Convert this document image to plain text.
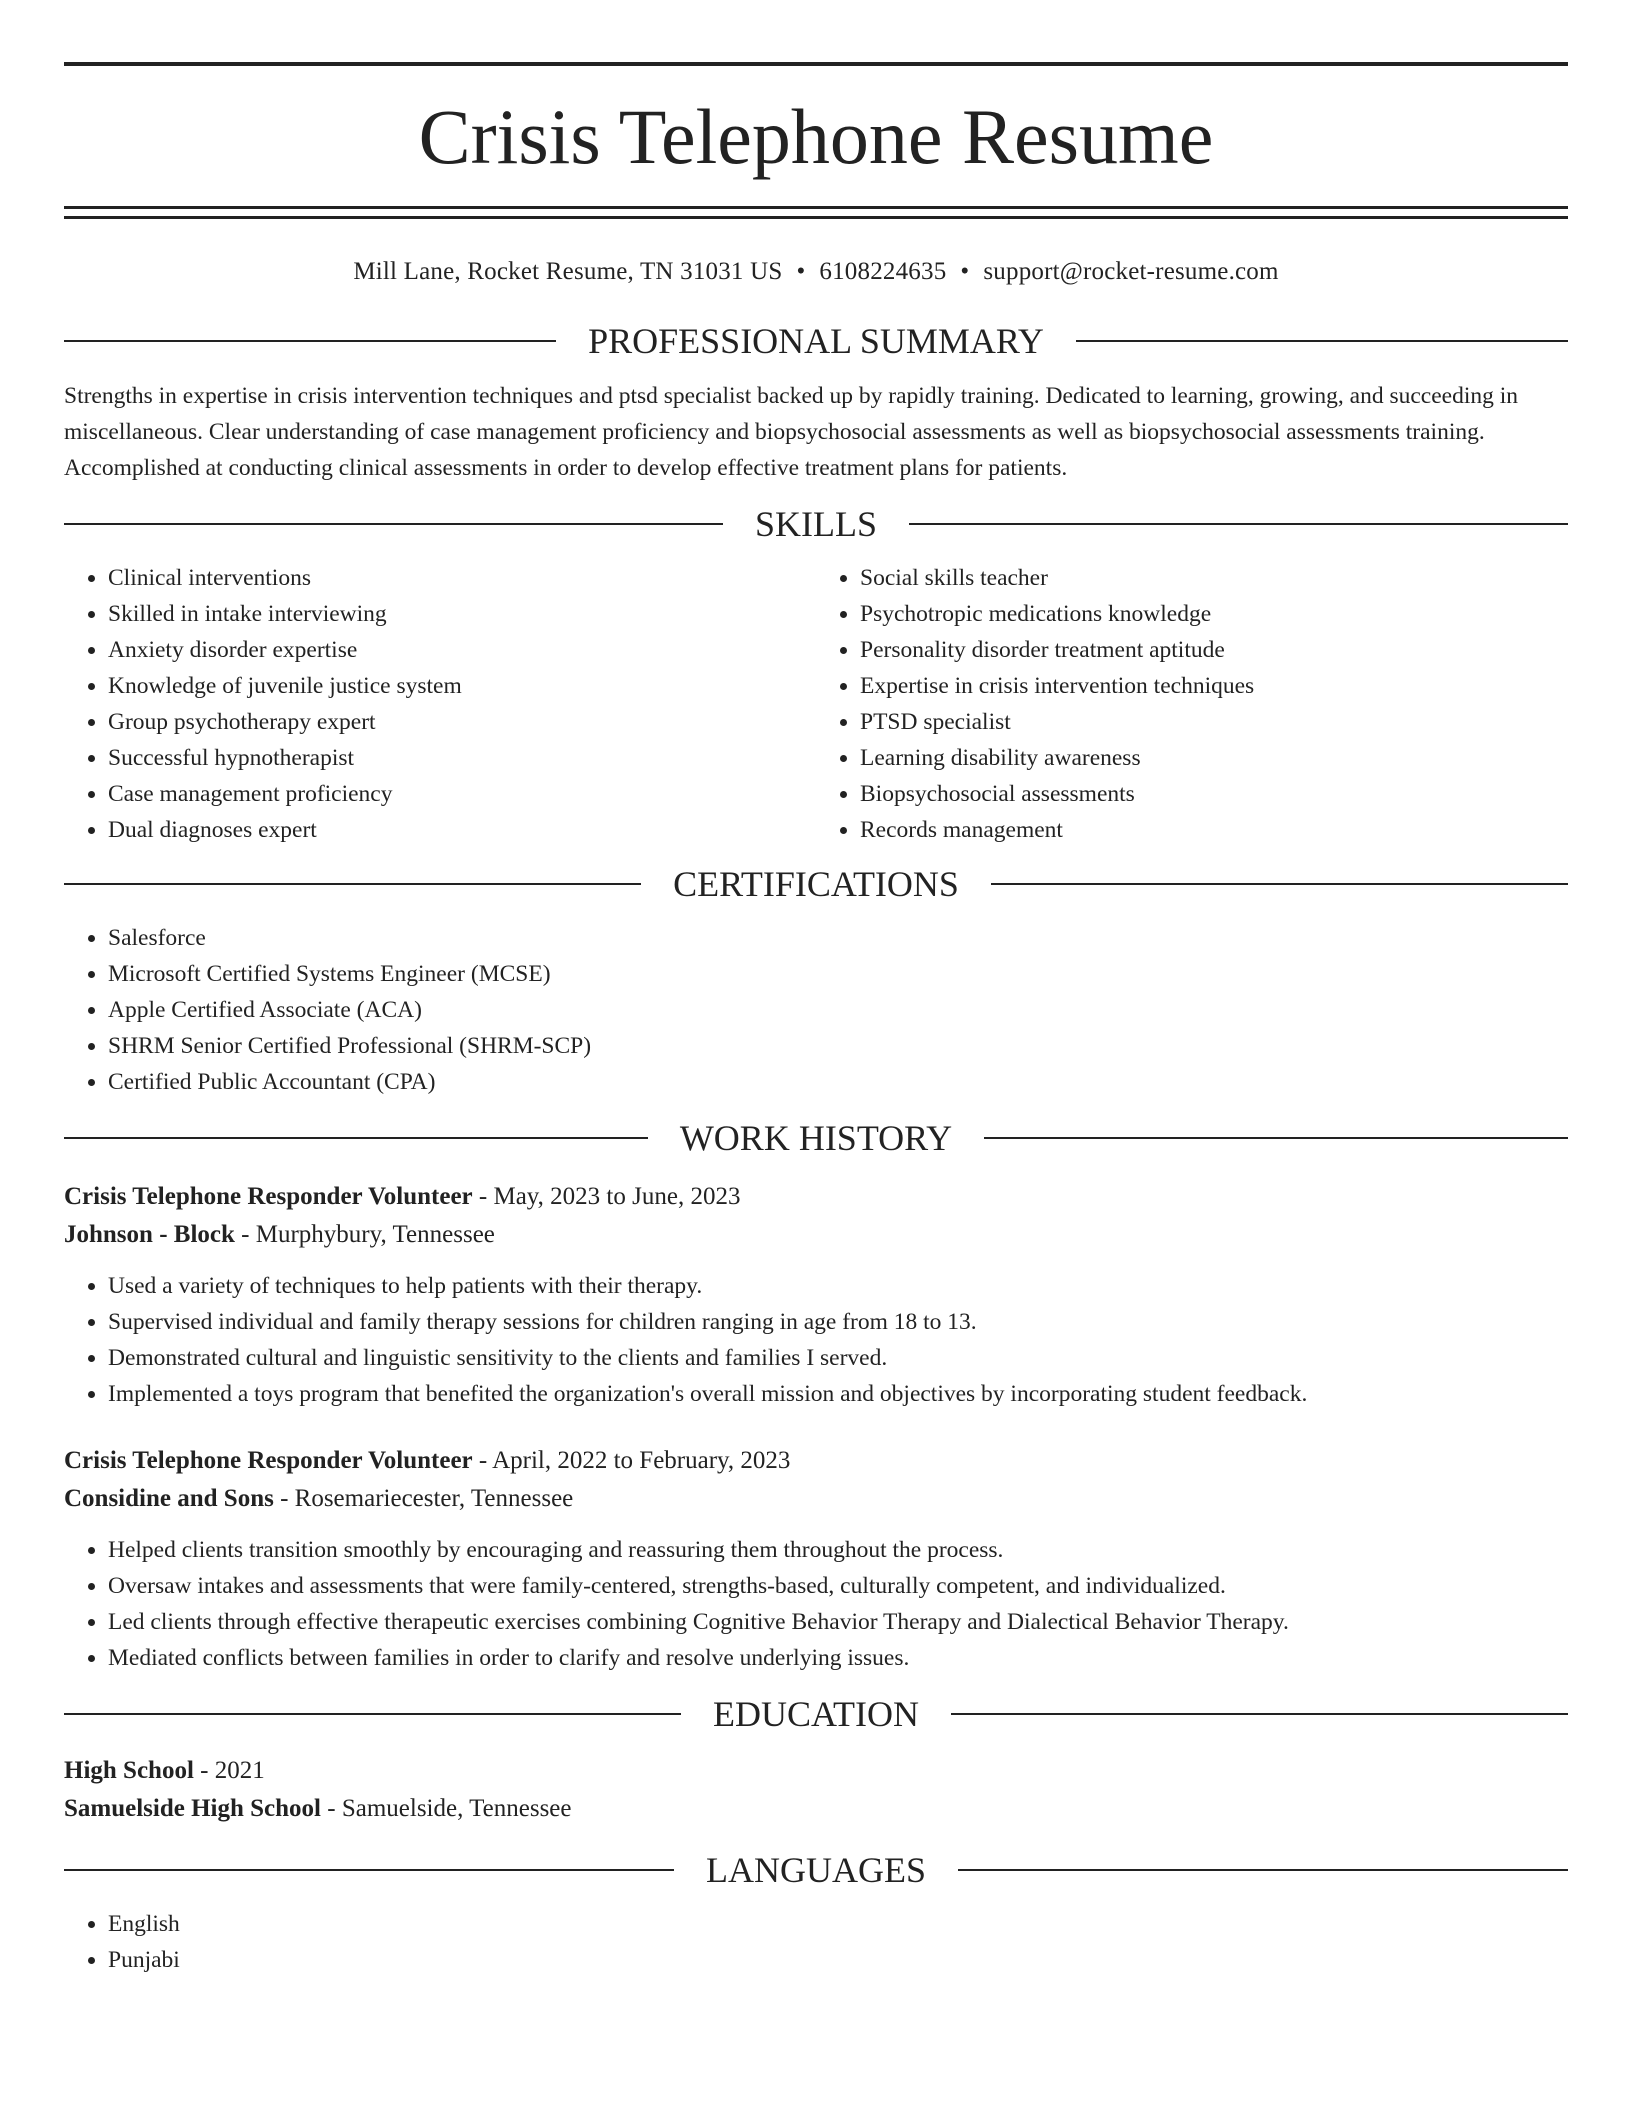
Crisis Telephone Resume
Mill Lane, Rocket Resume, TN 31031 US • 6108224635 • support@rocket-resume.com
PROFESSIONAL SUMMARY

Strengths in expertise in crisis intervention techniques and ptsd specialist backed up by rapidly training. Dedicated to learning, growing, and succeeding in miscellaneous. Clear understanding of case management proficiency and biopsychosocial assessments as well as biopsychosocial assessments training. Accomplished at conducting clinical assessments in order to develop effective treatment plans for patients.

SKILLS
• Clinical interventions
• Skilled in intake interviewing
• Anxiety disorder expertise
• Knowledge of juvenile justice system
• Group psychotherapy expert
• Successful hypnotherapist
• Case management proficiency
• Dual diagnoses expert
• Social skills teacher
• Psychotropic medications knowledge
• Personality disorder treatment aptitude
• Expertise in crisis intervention techniques
• PTSD specialist
• Learning disability awareness
• Biopsychosocial assessments
• Records management
CERTIFICATIONS
• Salesforce
• Microsoft Certified Systems Engineer (MCSE)
• Apple Certified Associate (ACA)
• SHRM Senior Certified Professional (SHRM-SCP)
• Certified Public Accountant (CPA)
WORK HISTORY
Crisis Telephone Responder Volunteer - May, 2023 to June, 2023
Johnson - Block - Murphybury, Tennessee
• Used a variety of techniques to help patients with their therapy.
• Supervised individual and family therapy sessions for children ranging in age from 18 to 13.
• Demonstrated cultural and linguistic sensitivity to the clients and families I served.
• Implemented a toys program that benefited the organization's overall mission and objectives by incorporating student feedback.
Crisis Telephone Responder Volunteer - April, 2022 to February, 2023
Considine and Sons - Rosemariecester, Tennessee
• Helped clients transition smoothly by encouraging and reassuring them throughout the process.
• Oversaw intakes and assessments that were family-centered, strengths-based, culturally competent, and individualized.
• Led clients through effective therapeutic exercises combining Cognitive Behavior Therapy and Dialectical Behavior Therapy.
• Mediated conflicts between families in order to clarify and resolve underlying issues.
EDUCATION
High School - 2021
Samuelside High School - Samuelside, Tennessee
LANGUAGES
• English
• Punjabi
